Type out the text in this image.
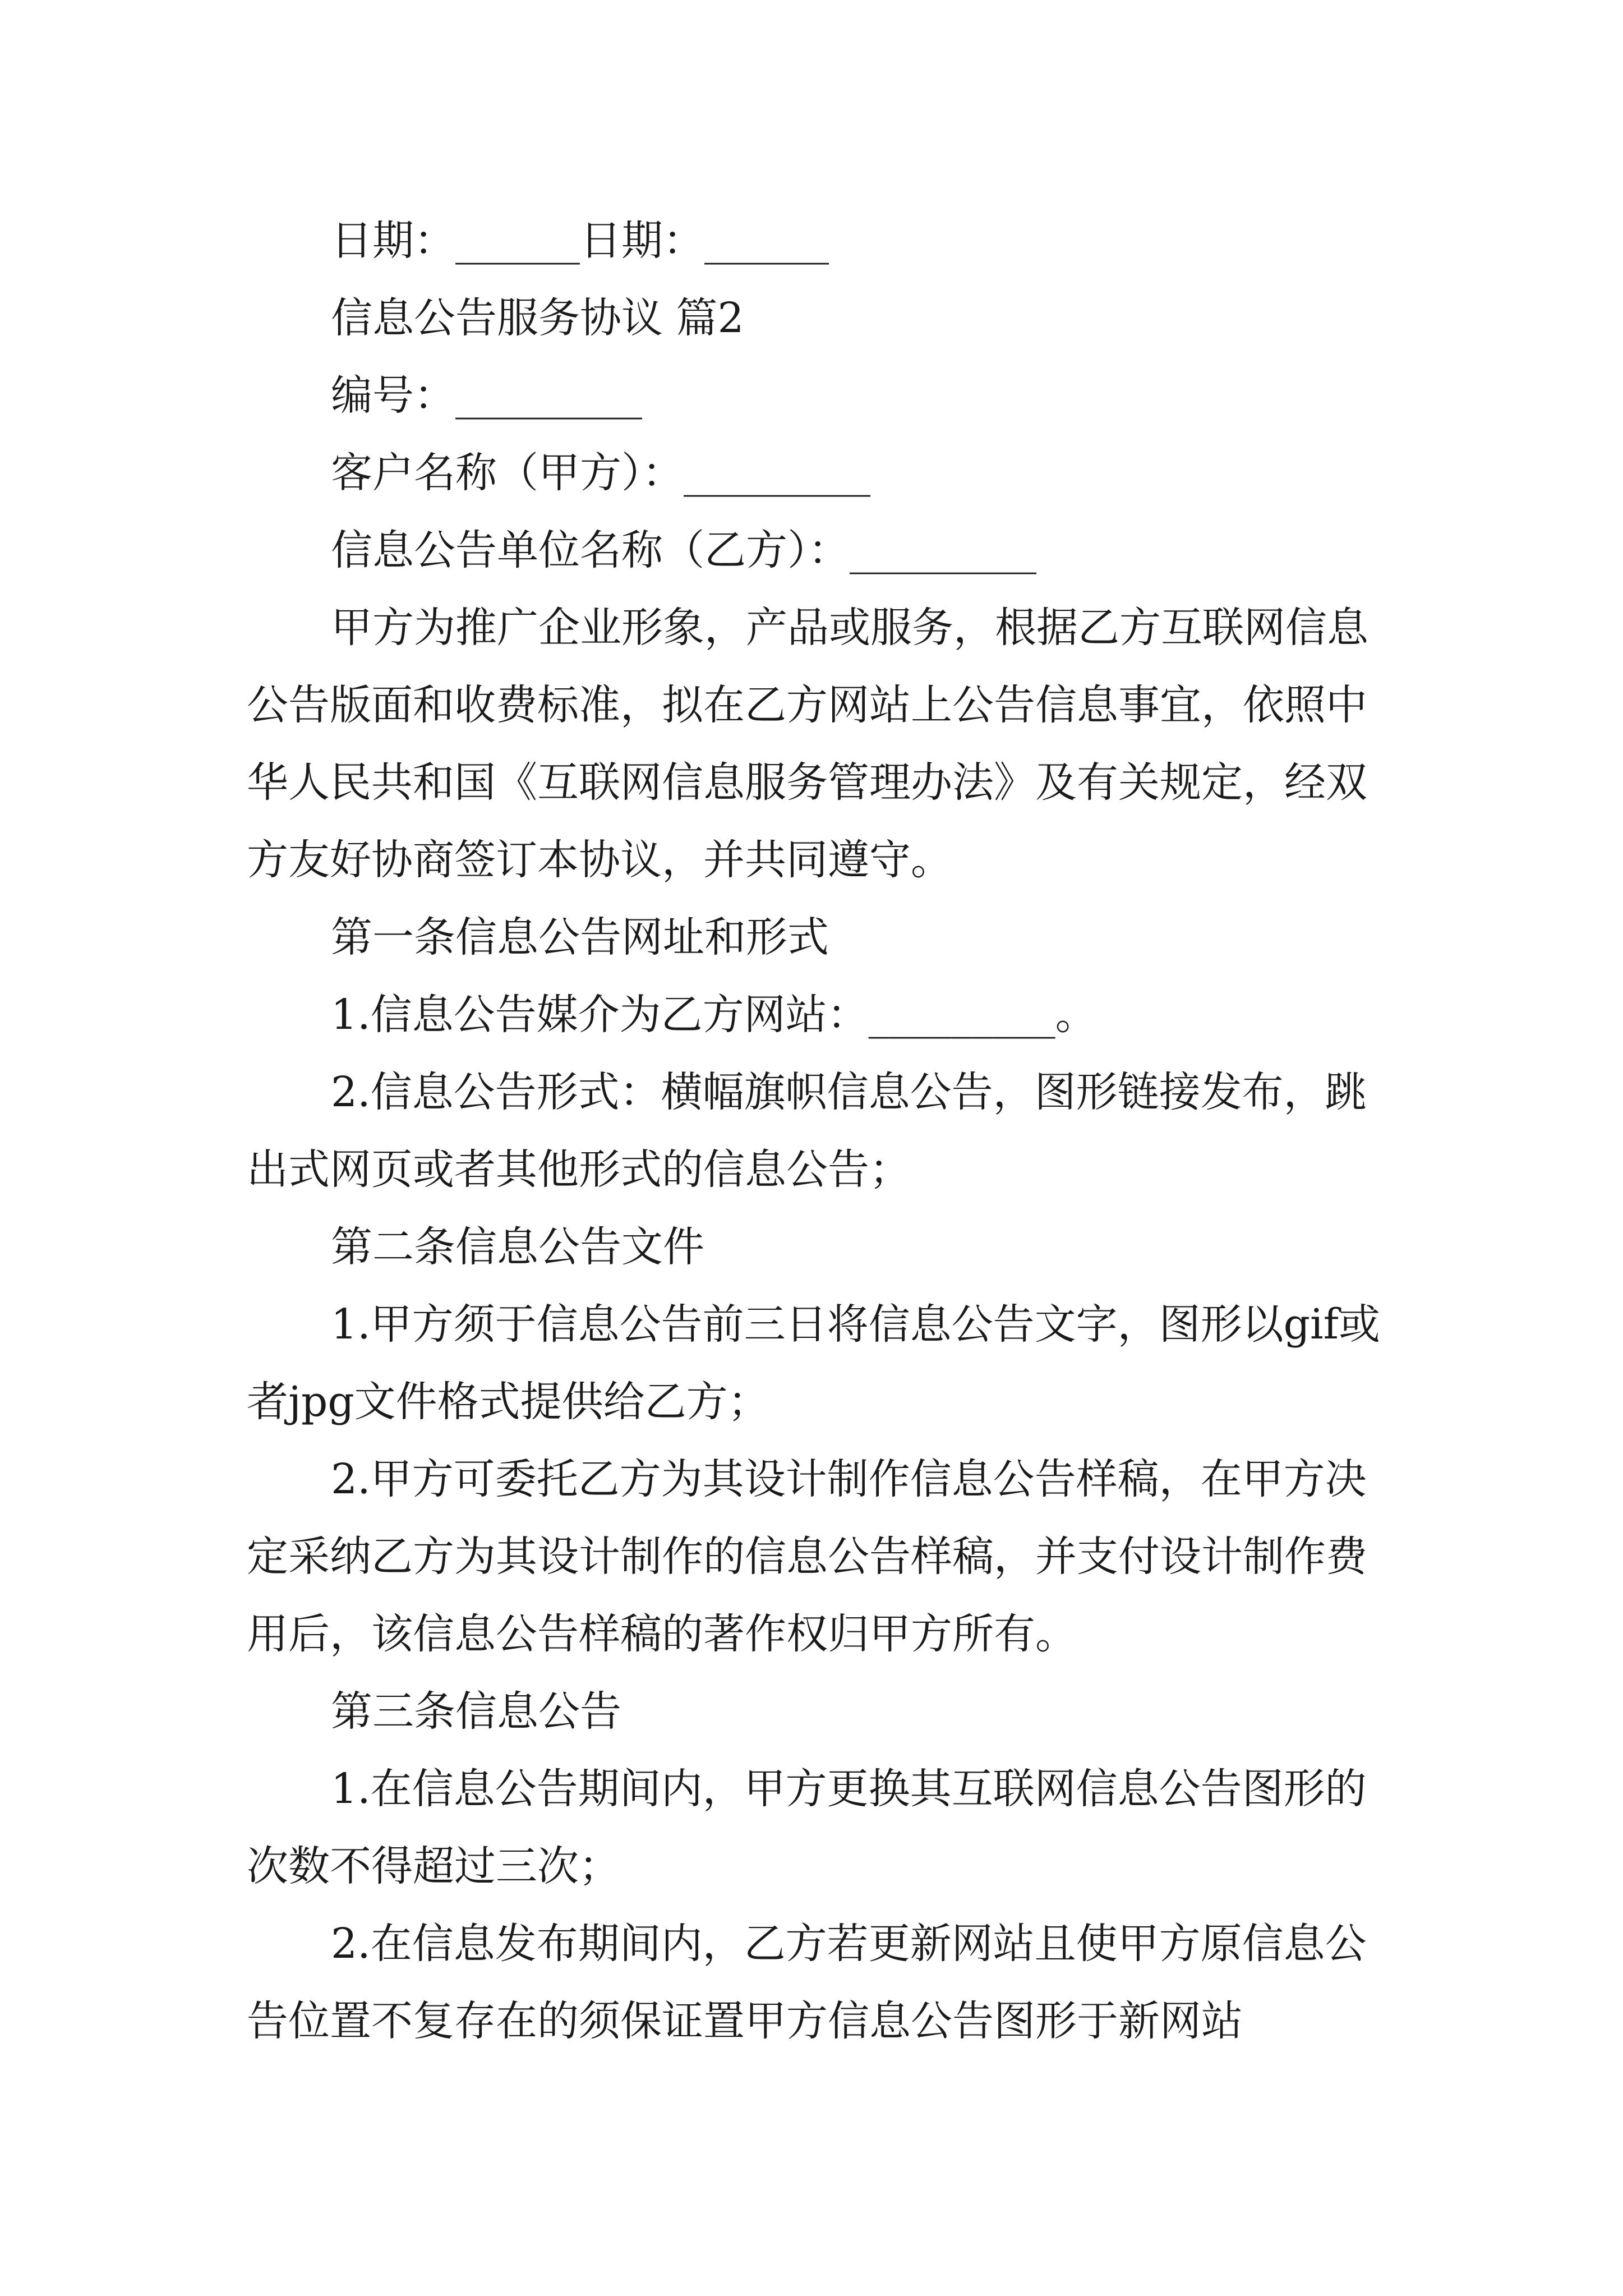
日期：______日期：______

信息公告服务协议 篇2

编号：_________

客户名称（甲方）：_________

信息公告单位名称（乙方）：_________

甲方为推广企业形象，产品或服务，根据乙方互联网信息公告版面和收费标准，拟在乙方网站上公告信息事宜，依照中华人民共和国《互联网信息服务管理办法》及有关规定，经双方友好协商签订本协议，并共同遵守。

第一条信息公告网址和形式

1.信息公告媒介为乙方网站：_________。

2.信息公告形式：横幅旗帜信息公告，图形链接发布，跳出式网页或者其他形式的信息公告；

第二条信息公告文件

1.甲方须于信息公告前三日将信息公告文字，图形以gif或者jpg文件格式提供给乙方；

2.甲方可委托乙方为其设计制作信息公告样稿，在甲方决定采纳乙方为其设计制作的信息公告样稿，并支付设计制作费用后，该信息公告样稿的著作权归甲方所有。

第三条信息公告

1.在信息公告期间内，甲方更换其互联网信息公告图形的次数不得超过三次；

2.在信息发布期间内，乙方若更新网站且使甲方原信息公告位置不复存在的须保证置甲方信息公告图形于新网站
